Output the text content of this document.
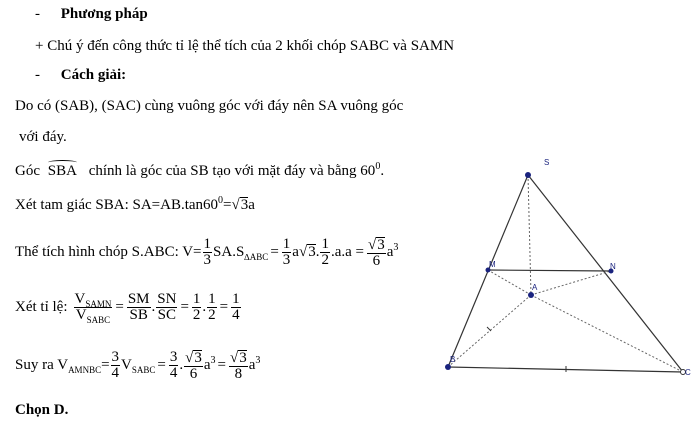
- Phương pháp
+ Chú ý đến công thức tỉ lệ thể tích của 2 khối chóp SABC và SAMN
- Cách giải:
Do có (SAB), (SAC) cùng vuông góc với đáy nên SA vuông góc
với đáy.
Góc SBA chính là góc của SB tạo với mặt đáy và bằng $60^0$.
Xét tam giác SBA: $SA=AB.\tan 60^0=√3a$
Thể tích hình chóp S.ABC: $V= \frac{1}{3} SA.S_{\Delta ABC} = \frac{1}{3} a√3$. $\frac{1}{2} .a.a = \frac{√3}{6} a^3$
Xét tỉ lệ: $\frac{V_{SAMN}}{V_{SABC}} = \frac{SM}{SB}$ . $\frac{SN}{SC} = \frac{1}{2}$ . $\frac{1}{2} = \frac{1}{4}$
Suy ra $V_{AMNBC}= \frac{3}{4} V_{SABC} = \frac{3}{4}$ . $\frac{√3}{6} a^3 = \frac{√3}{8} a^3$
Chọn D.
S
M	N
A
B
C
